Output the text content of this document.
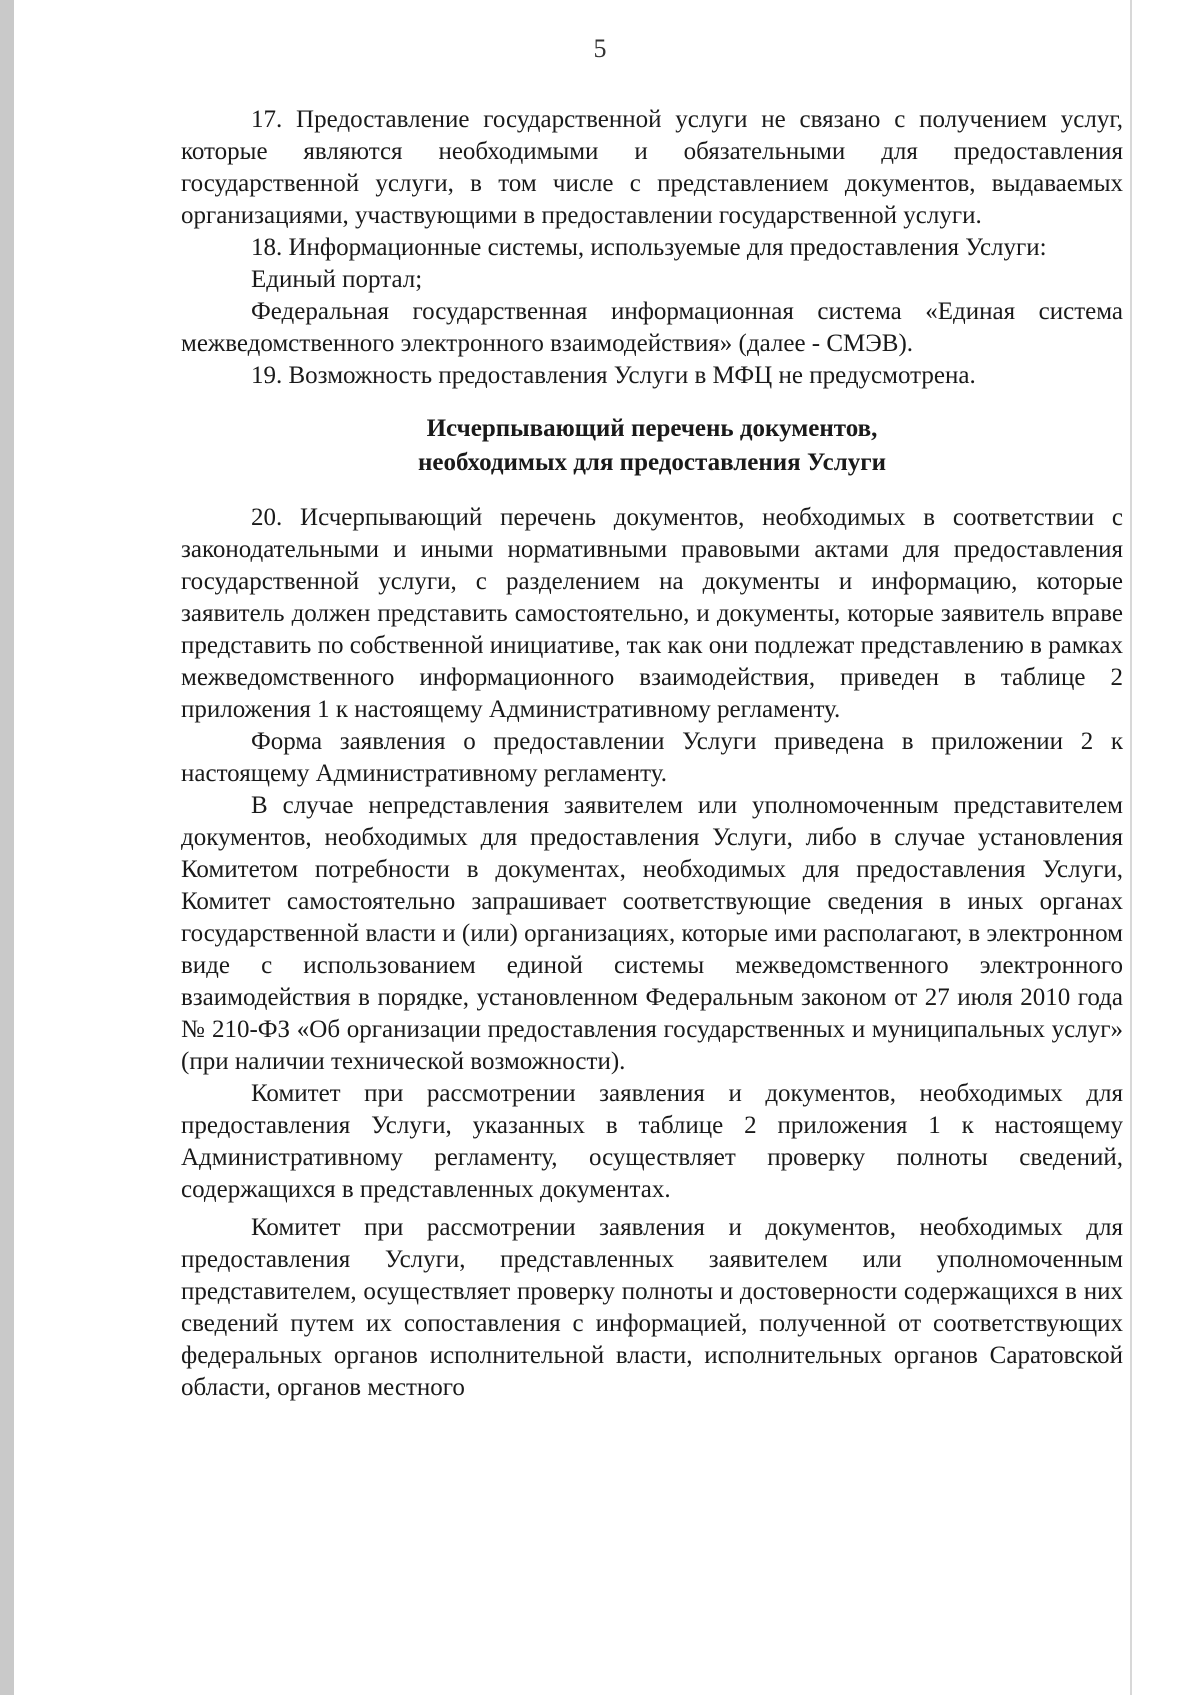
5

17. Предоставление государственной услуги не связано с получением услуг, которые являются необходимыми и обязательными для предоставления государственной услуги, в том числе с представлением документов, выдаваемых организациями, участвующими в предоставлении государственной услуги.

18. Информационные системы, используемые для предоставления Услуги:

Единый портал;

Федеральная государственная информационная система «Единая система межведомственного электронного взаимодействия» (далее - СМЭВ).

19. Возможность предоставления Услуги в МФЦ не предусмотрена.

Исчерпывающий перечень документов,
необходимых для предоставления Услуги

20. Исчерпывающий перечень документов, необходимых в соответствии с законодательными и иными нормативными правовыми актами для предоставления государственной услуги, с разделением на документы и информацию, которые заявитель должен представить самостоятельно, и документы, которые заявитель вправе представить по собственной инициативе, так как они подлежат представлению в рамках межведомственного информационного взаимодействия, приведен в таблице 2 приложения 1 к настоящему Административному регламенту.

Форма заявления о предоставлении Услуги приведена в приложении 2 к настоящему Административному регламенту.

В случае непредставления заявителем или уполномоченным представителем документов, необходимых для предоставления Услуги, либо в случае установления Комитетом потребности в документах, необходимых для предоставления Услуги, Комитет самостоятельно запрашивает соответствующие сведения в иных органах государственной власти и (или) организациях, которые ими располагают, в электронном виде с использованием единой системы межведомственного электронного взаимодействия в порядке, установленном Федеральным законом от 27 июля 2010 года № 210-ФЗ «Об организации предоставления государственных и муниципальных услуг» (при наличии технической возможности).

Комитет при рассмотрении заявления и документов, необходимых для предоставления Услуги, указанных в таблице 2 приложения 1 к настоящему Административному регламенту, осуществляет проверку полноты сведений, содержащихся в представленных документах.

Комитет при рассмотрении заявления и документов, необходимых для предоставления Услуги, представленных заявителем или уполномоченным представителем, осуществляет проверку полноты и достоверности содержащихся в них сведений путем их сопоставления с информацией, полученной от соответствующих федеральных органов исполнительной власти, исполнительных органов Саратовской области, органов местного
